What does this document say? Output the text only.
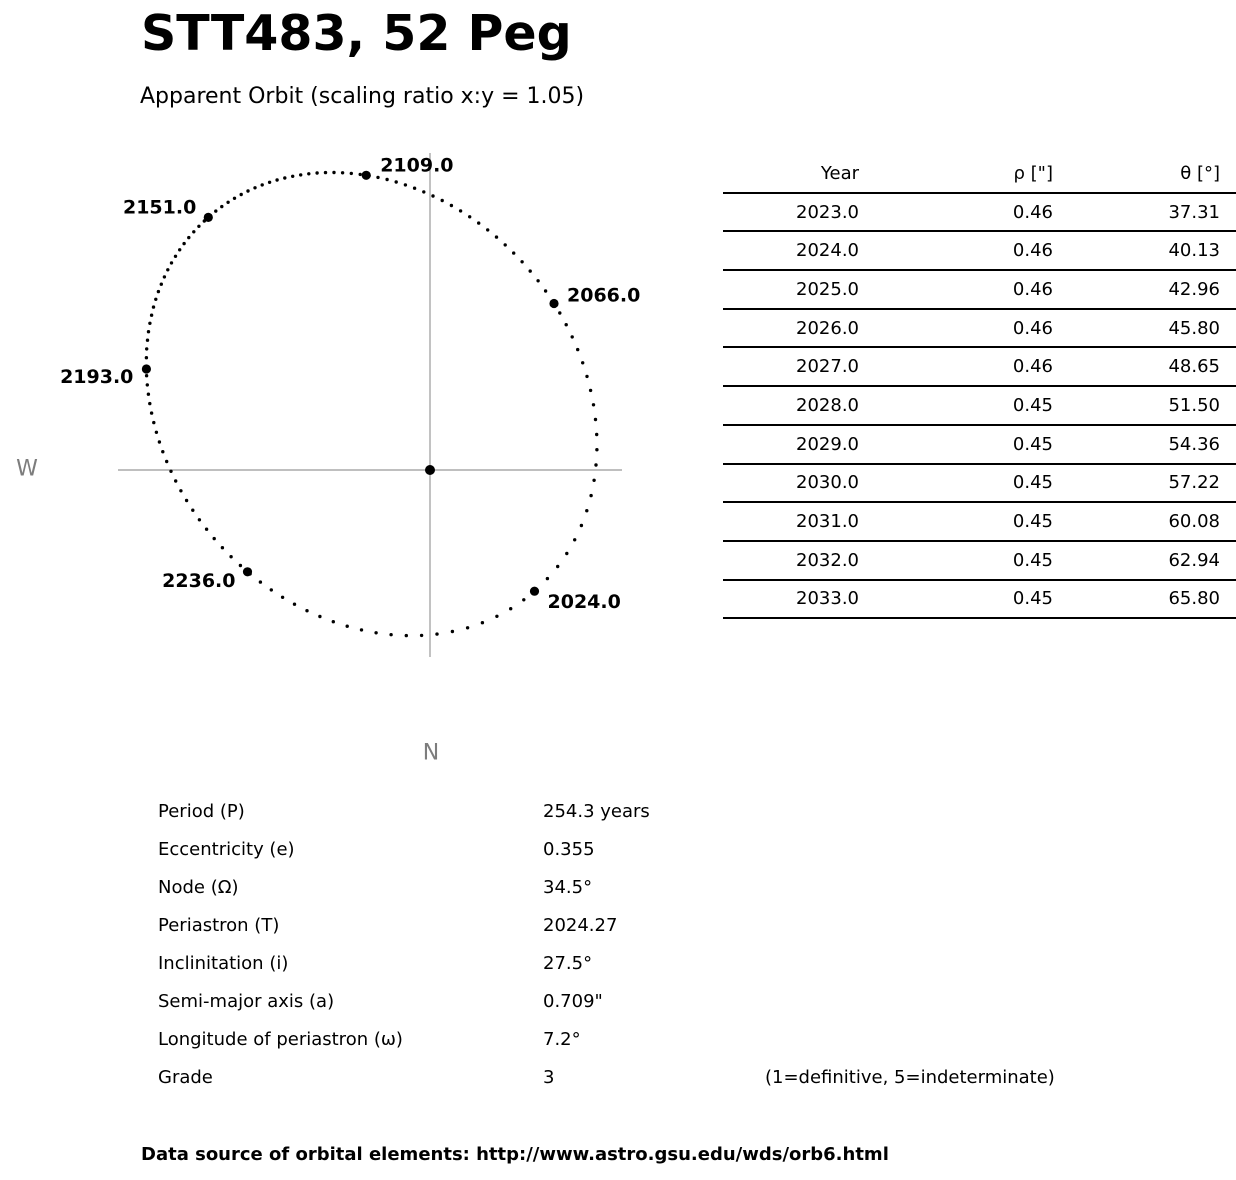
W
N
2024.0
2066.0
2109.0
2151.0
2193.0
2236.0
STT483, 52 Peg
Apparent Orbit (scaling ratio x:y = 1.05)
Year	ρ ["]	θ [°]
2023.0	0.46	37.31
2024.0	0.46	40.13
2025.0	0.46	42.96
2026.0	0.46	45.80
2027.0	0.46	48.65
2028.0	0.45	51.50
2029.0	0.45	54.36
2030.0	0.45	57.22
2031.0	0.45	60.08
2032.0	0.45	62.94
2033.0	0.45	65.80
Period (P)	254.3 years
Eccentricity (e)	0.355
Node (Ω)	34.5°
Periastron (T)	2024.27
Inclinitation (i)	27.5°
Semi-major axis (a)	0.709"
Longitude of periastron (ω)	7.2°
Grade	3	(1=definitive, 5=indeterminate)
Data source of orbital elements: http://www.astro.gsu.edu/wds/orb6.html
